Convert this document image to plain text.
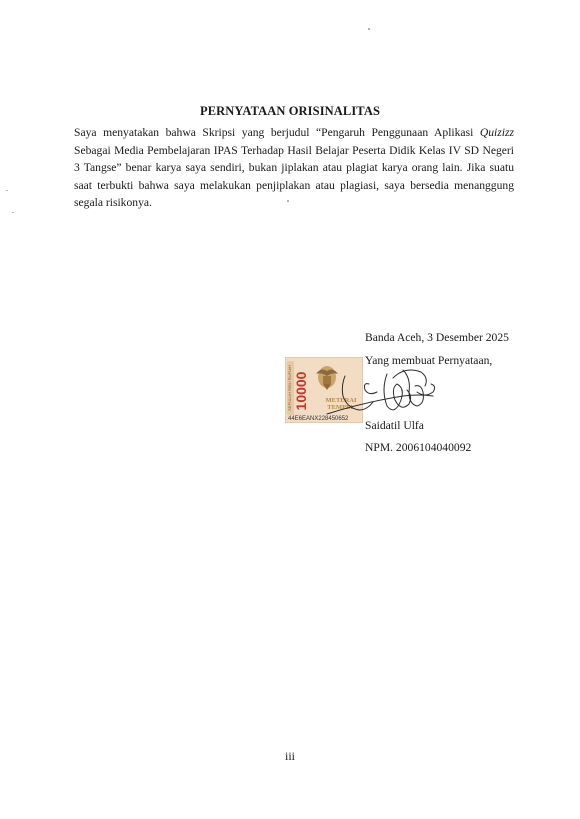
PERNYATAAN ORISINALITAS
Saya menyatakan bahwa Skripsi yang berjudul “Pengaruh Penggunaan Aplikasi Quizizz Sebagai Media Pembelajaran IPAS Terhadap Hasil Belajar Peserta Didik Kelas IV SD Negeri 3 Tangse” benar karya saya sendiri, bukan jiplakan atau plagiat karya orang lain. Jika suatu saat terbukti bahwa saya melakukan penjiplakan atau plagiasi, saya bersedia menanggung segala risikonya.
Banda Aceh, 3 Desember 2025
Yang membuat Pernyataan,
SEPULUH RIBU RUPIAH 10000	METERAI
TEMPEL
44E6EANX228450652 Saidatil Ulfa
NPM. 2006104040092
iii
